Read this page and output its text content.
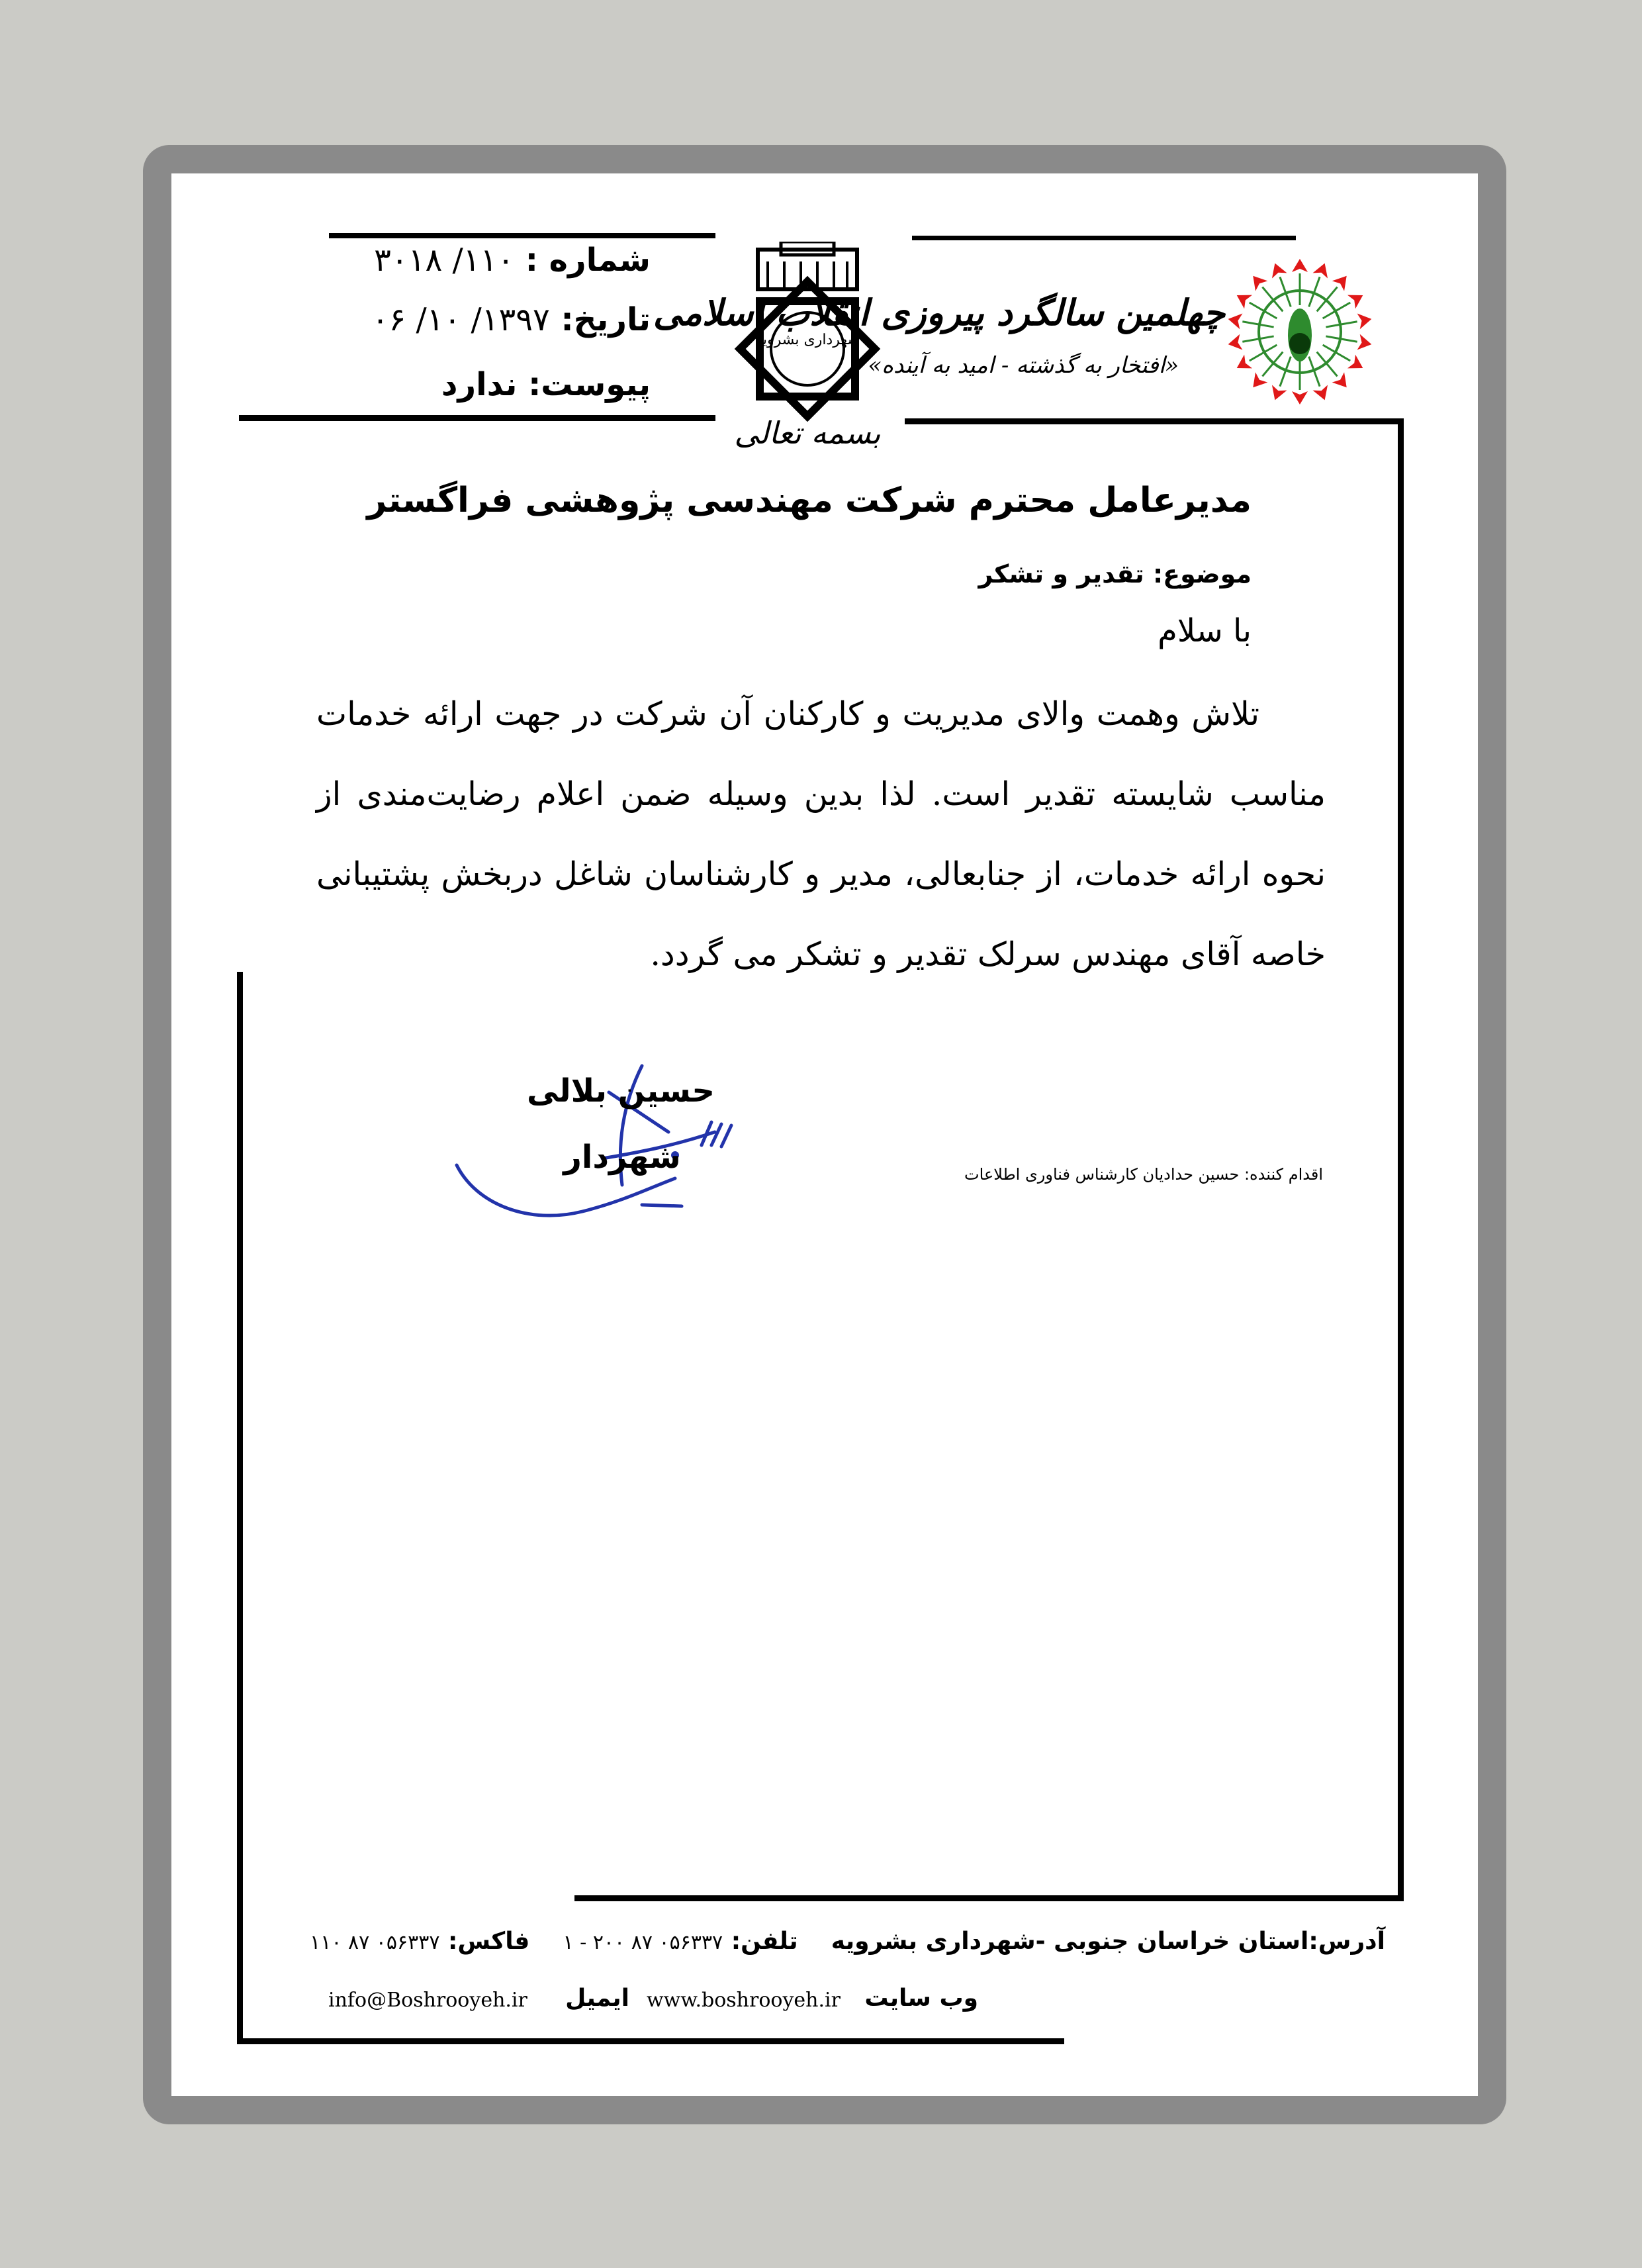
شماره : ۱۱۰/ ۳۰۱۸
تاریخ: ۱۳۹۷/ ۱۰/ ۰۶
پیوست: ندارد
شهرداری بشرویه
بسمه تعالی
چهلمین سالگرد پیروزی انقلاب اسلامی
«افتخار به گذشته - امید به آینده»
مدیرعامل محترم شرکت مهندسی پژوهشی فراگستر
موضوع: تقدیر و تشکر
با سلام
تلاش وهمت والای مدیریت و کارکنان آن شرکت در جهت ارائه خدمات مناسب شایسته تقدیر است. لذا بدین وسیله ضمن اعلام رضایت‌مندی از نحوه ارائه خدمات، از جنابعالی، مدیر و کارشناسان شاغل دربخش پشتیبانی خاصه آقای مهندس سرلک تقدیر و تشکر می گردد.
حسین بلالی
شهردار	اقدام کننده: حسین حدادیان کارشناس فناوری اطلاعات
آدرس:استان خراسان جنوبی -شهرداری بشرویه    تلفن: ۰۵۶۳۳۷ ۸۷ ۲۰۰ - ۱    فاکس: ۰۵۶۳۳۷ ۸۷ ۱۱۰
وب سایت
www.boshrooyeh.ir
ایمیل
info@Boshrooyeh.ir
